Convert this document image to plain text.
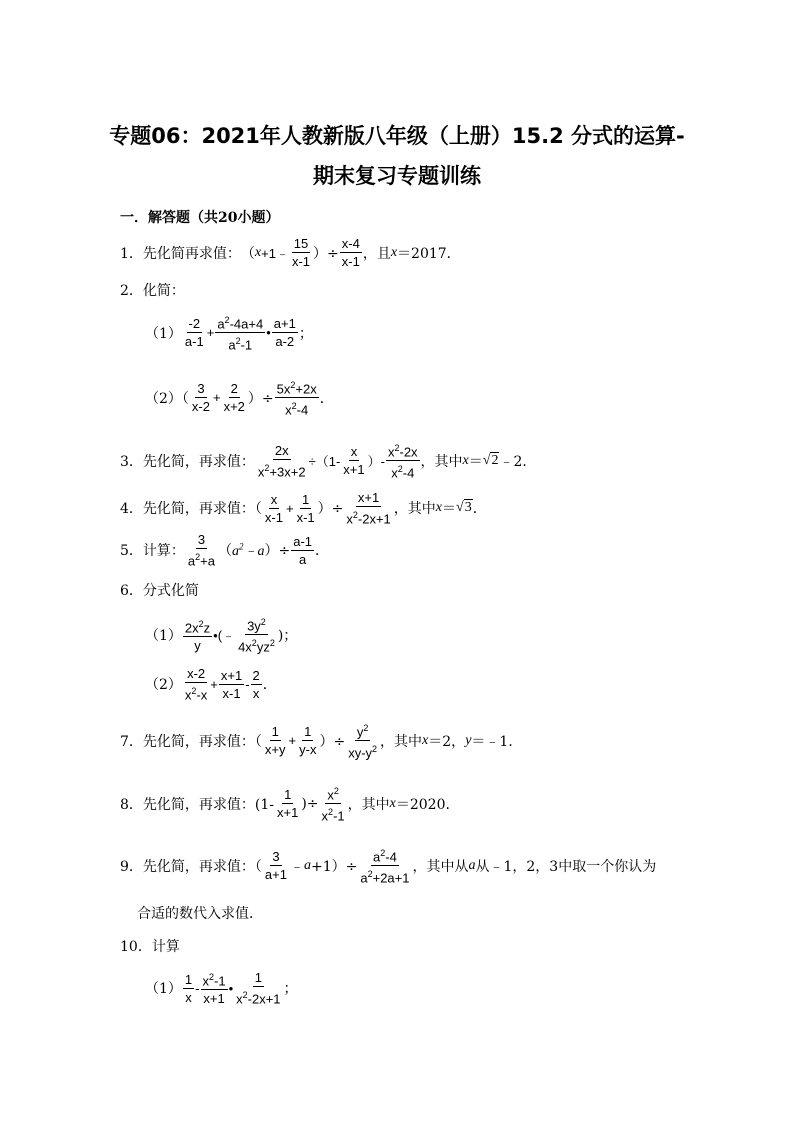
专题06：2021年人教新版八年级（上册）15.2 分式的运算-
期末复习专题训练
一．解答题（共20小题）
1．先化简再求值： （ x +1﹣ $\frac{15}{x-1}$ ）÷ $\frac{x-4}{x-1}$ ，且 x ＝2017．
2．化简：
$(1) \frac{-2}{a-1} + \frac{a^2-4a+4}{a^2-1}$ • $\frac{a+1}{a-2}$ ；
$(2)( \frac{3}{x-2} + \frac{2}{x+2}$ ）÷ $\frac{5x^2+2x}{x^2-4}$ ．
3．先化简，再求值： $\frac{2x}{x^2+3x+2} \div(1- \frac{x}{x+1}$ ）- $\frac{x^2-2x}{x^2-4}$ ，其中 x ＝ √2 ﹣2．
4．先化简，再求值：（ $\frac{x}{x-1} + \frac{1}{x-1}$ ）÷ $\frac{x+1}{x^2-2x+1}$ ，其中 x ＝ √3 ．
5．计算： $\frac{3}{a^2+a}$ （ $a^2﹣a$ ）÷ $\frac{a-1}{a}$ ．
6．分式化简
$(1) \frac{2x^2z}{y}$ •(﹣ $\frac{3y^2}{4x^2yz^2}$ )；
$(2) \frac{x-2}{x^2-x} + \frac{x+1}{x-1} - \frac{2}{x}$ ．
7．先化简，再求值：（ $\frac{1}{x+y} + \frac{1}{y-x}$ ）÷ $\frac{y^2}{xy-y^2}$ ，其中 x ＝2， y ＝﹣1．
8．先化简，再求值：($1- \frac{1}{x+1}$ )÷ $\frac{x^2}{x^2-1}$ ，其中 x ＝2020．
9．先化简，再求值：（ $\frac{3}{a+1}$ ﹣ $a +1)\div \frac{a^2-4}{a^2+2a+1}$ ，其中从 a 从﹣1，2，3中取一个你认为
合适的数代入求值．
10．计算
$(1) \frac{1}{x} - \frac{x^2-1}{x+1}$ • $\frac{1}{x^2-2x+1}$ ；
